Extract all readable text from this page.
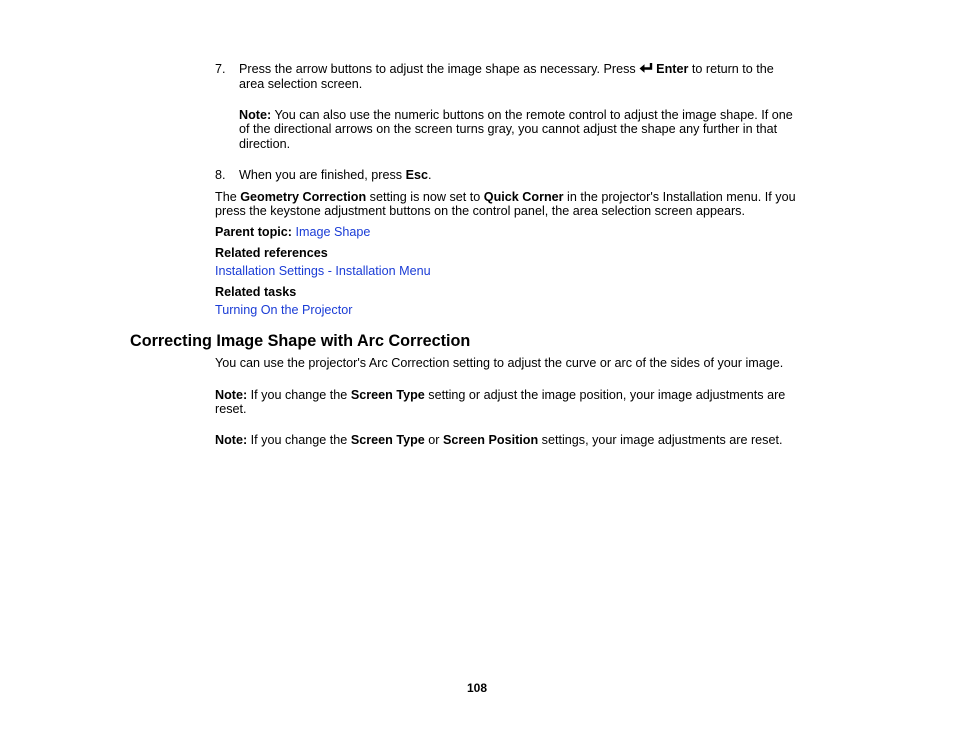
7. Press the arrow buttons to adjust the image shape as necessary. Press Enter to return to the
area selection screen.
Note: You can also use the numeric buttons on the remote control to adjust the image shape. If one
of the directional arrows on the screen turns gray, you cannot adjust the shape any further in that
direction.
8. When you are finished, press Esc.
The Geometry Correction setting is now set to Quick Corner in the projector's Installation menu. If you
press the keystone adjustment buttons on the control panel, the area selection screen appears.
Parent topic: Image Shape
Related references
Installation Settings - Installation Menu
Related tasks
Turning On the Projector
Correcting Image Shape with Arc Correction
You can use the projector's Arc Correction setting to adjust the curve or arc of the sides of your image.
Note: If you change the Screen Type setting or adjust the image position, your image adjustments are
reset.
Note: If you change the Screen Type or Screen Position settings, your image adjustments are reset.
108
